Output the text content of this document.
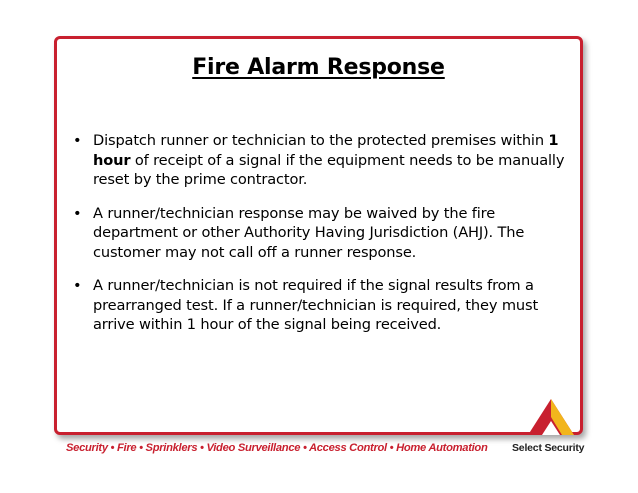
Fire Alarm Response
• Dispatch runner or technician to the protected premises within 1 hour of receipt of a signal if the equipment needs to be manually reset by the prime contractor.
• A runner/technician response may be waived by the fire department or other Authority Having Jurisdiction (AHJ). The customer may not call off a runner response.
• A runner/technician is not required if the signal results from a prearranged test. If a runner/technician is required, they must arrive within 1 hour of the signal being received.
Security • Fire • Sprinklers • Video Surveillance • Access Control • Home Automation Select Security
